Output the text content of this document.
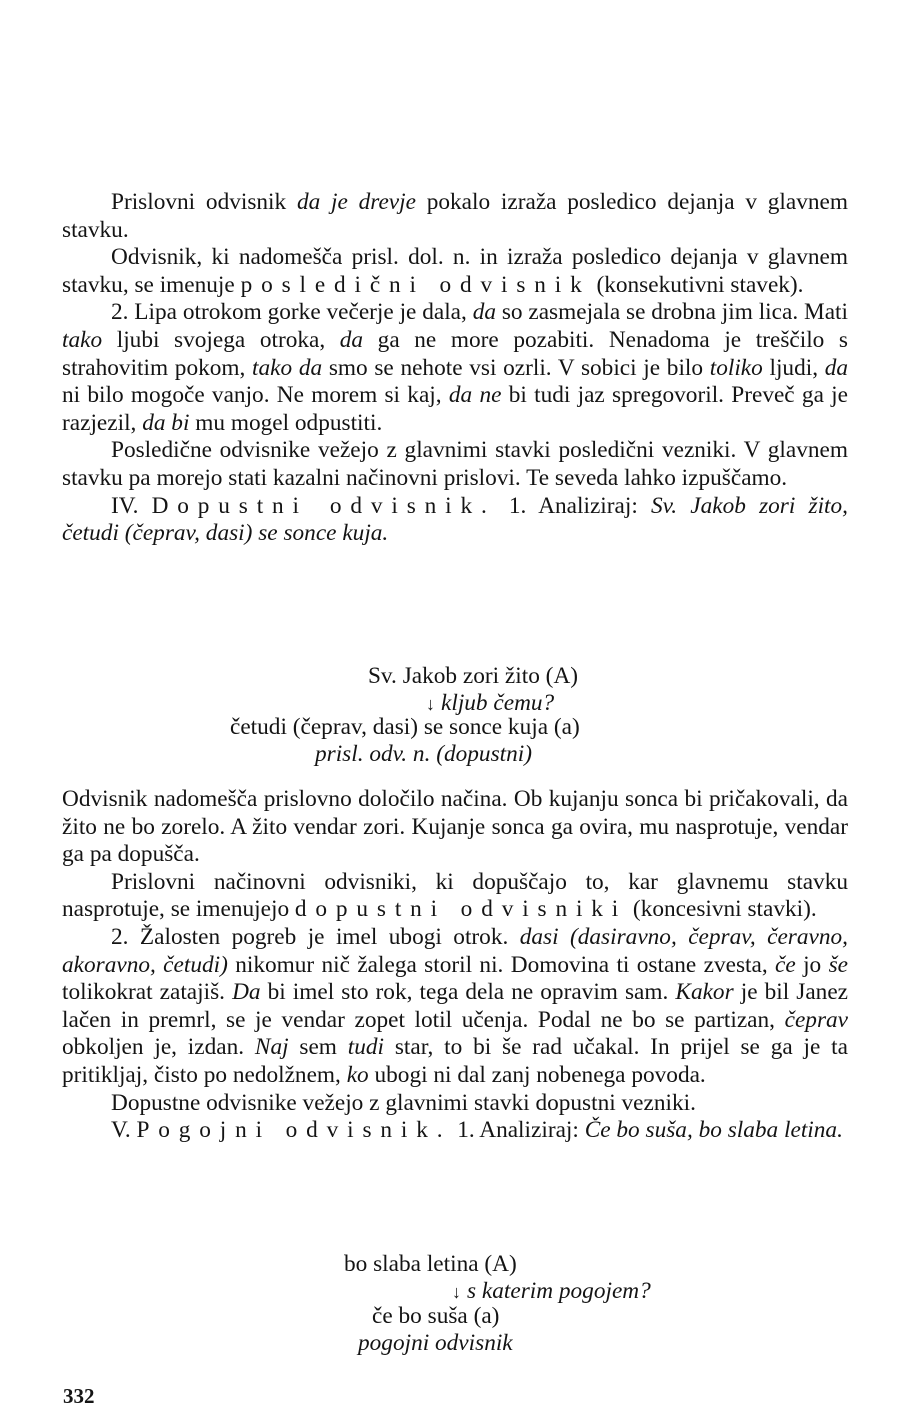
Prislovni odvisnik da je drevje pokalo izraža posledico dejanja v glavnem stavku.

Odvisnik, ki nadomešča prisl. dol. n. in izraža posledico dejanja v glavnem stavku, se imenuje posledični odvisnik (konsekutivni stavek).

2. Lipa otrokom gorke večerje je dala, da so zasmejala se drobna jim lica. Mati tako ljubi svojega otroka, da ga ne more pozabiti. Nenadoma je treščilo s strahovitim pokom, tako da smo se nehote vsi ozrli. V sobici je bilo toliko ljudi, da ni bilo mogoče vanjo. Ne morem si kaj, da ne bi tudi jaz spregovoril. Preveč ga je razjezil, da bi mu mogel odpustiti.

Posledične odvisnike vežejo z glavnimi stavki posledični vezniki. V glavnem stavku pa morejo stati kazalni načinovni prislovi. Te seveda lahko izpuščamo.

IV. Dopustni odvisnik. 1. Analiziraj: Sv. Jakob zori žito, četudi (čeprav, dasi) se sonce kuja.

Sv. Jakob zori žito (A)
↓ kljub čemu?
četudi (čeprav, dasi) se sonce kuja (a)
prisl. odv. n. (dopustni)

Odvisnik nadomešča prislovno določilo načina. Ob kujanju sonca bi pričakovali, da žito ne bo zorelo. A žito vendar zori. Kujanje sonca ga ovira, mu nasprotuje, vendar ga pa dopušča.

Prislovni načinovni odvisniki, ki dopuščajo to, kar glavnemu stavku nasprotuje, se imenujejo dopustni odvisniki (koncesivni stavki).

2. Žalosten pogreb je imel ubogi otrok. dasi (dasiravno, čeprav, čeravno, akoravno, četudi) nikomur nič žalega storil ni. Domovina ti ostane zvesta, če jo še tolikokrat zatajiš. Da bi imel sto rok, tega dela ne opravim sam. Kakor je bil Janez lačen in premrl, se je vendar zopet lotil učenja. Podal ne bo se partizan, čeprav obkoljen je, izdan. Naj sem tudi star, to bi še rad učakal. In prijel se ga je ta pritikljaj, čisto po nedolžnem, ko ubogi ni dal zanj nobenega povoda.

Dopustne odvisnike vežejo z glavnimi stavki dopustni vezniki.

V. Pogojni odvisnik. 1. Analiziraj: Če bo suša, bo slaba letina.

bo slaba letina (A)
↓ s katerim pogojem?
če bo suša (a)
pogojni odvisnik
332
